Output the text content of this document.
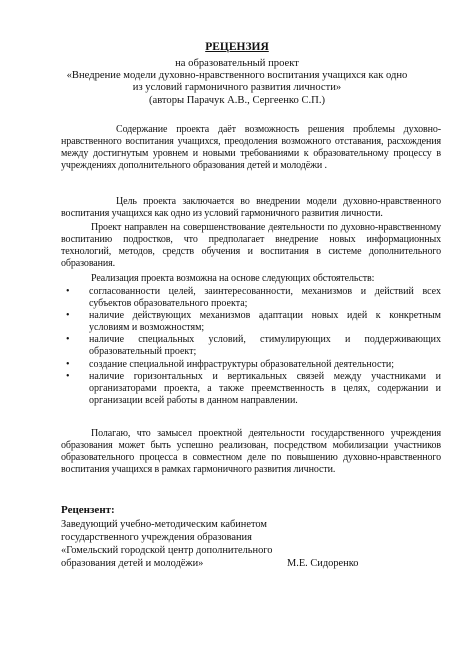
РЕЦЕНЗИЯ
на образовательный проект
«Внедрение модели духовно-нравственного воспитания учащихся как одно
из условий гармоничного развития личности»
(авторы Парачук А.В., Сергеенко С.П.)

Содержание проекта даёт возможность решения проблемы духовно-нравственного воспитания учащихся, преодоления возможного отставания, расхождения между достигнутым уровнем и новыми требованиями к образовательному процессу в учреждениях дополнительного образования детей и молодёжи .

Цель проекта заключается во внедрении модели духовно-нравственного воспитания учащихся как одно из условий гармоничного развития личности.

Проект направлен на совершенствование деятельности по духовно-нравственному воспитанию подростков, что предполагает внедрение новых информационных технологий, методов, средств обучения и воспитания в системе дополнительного образования.

Реализация проекта возможна на основе следующих обстоятельств:

• согласованности целей, заинтересованности, механизмов и действий всех субъектов образовательного проекта;

• наличие действующих механизмов адаптации новых идей к конкретным условиям и возможностям;

• наличие специальных условий, стимулирующих и поддерживающих образовательный проект;

• создание специальной инфраструктуры образовательной деятельности;

• наличие горизонтальных и вертикальных связей между участниками и организаторами проекта, а также преемственность в целях, содержании и организации всей работы в данном направлении.

Полагаю, что замысел проектной деятельности государственного учреждения образования может быть успешно реализован, посредством мобилизации участников образовательного процесса в совместном деле по повышению духовно-нравственного воспитания учащихся в рамках гармоничного развития личности.

Рецензент:
Заведующий учебно-методическим кабинетом
государственного учреждения образования
«Гомельский городской центр дополнительного
образования детей и молодёжи»	М.Е. Сидоренко
